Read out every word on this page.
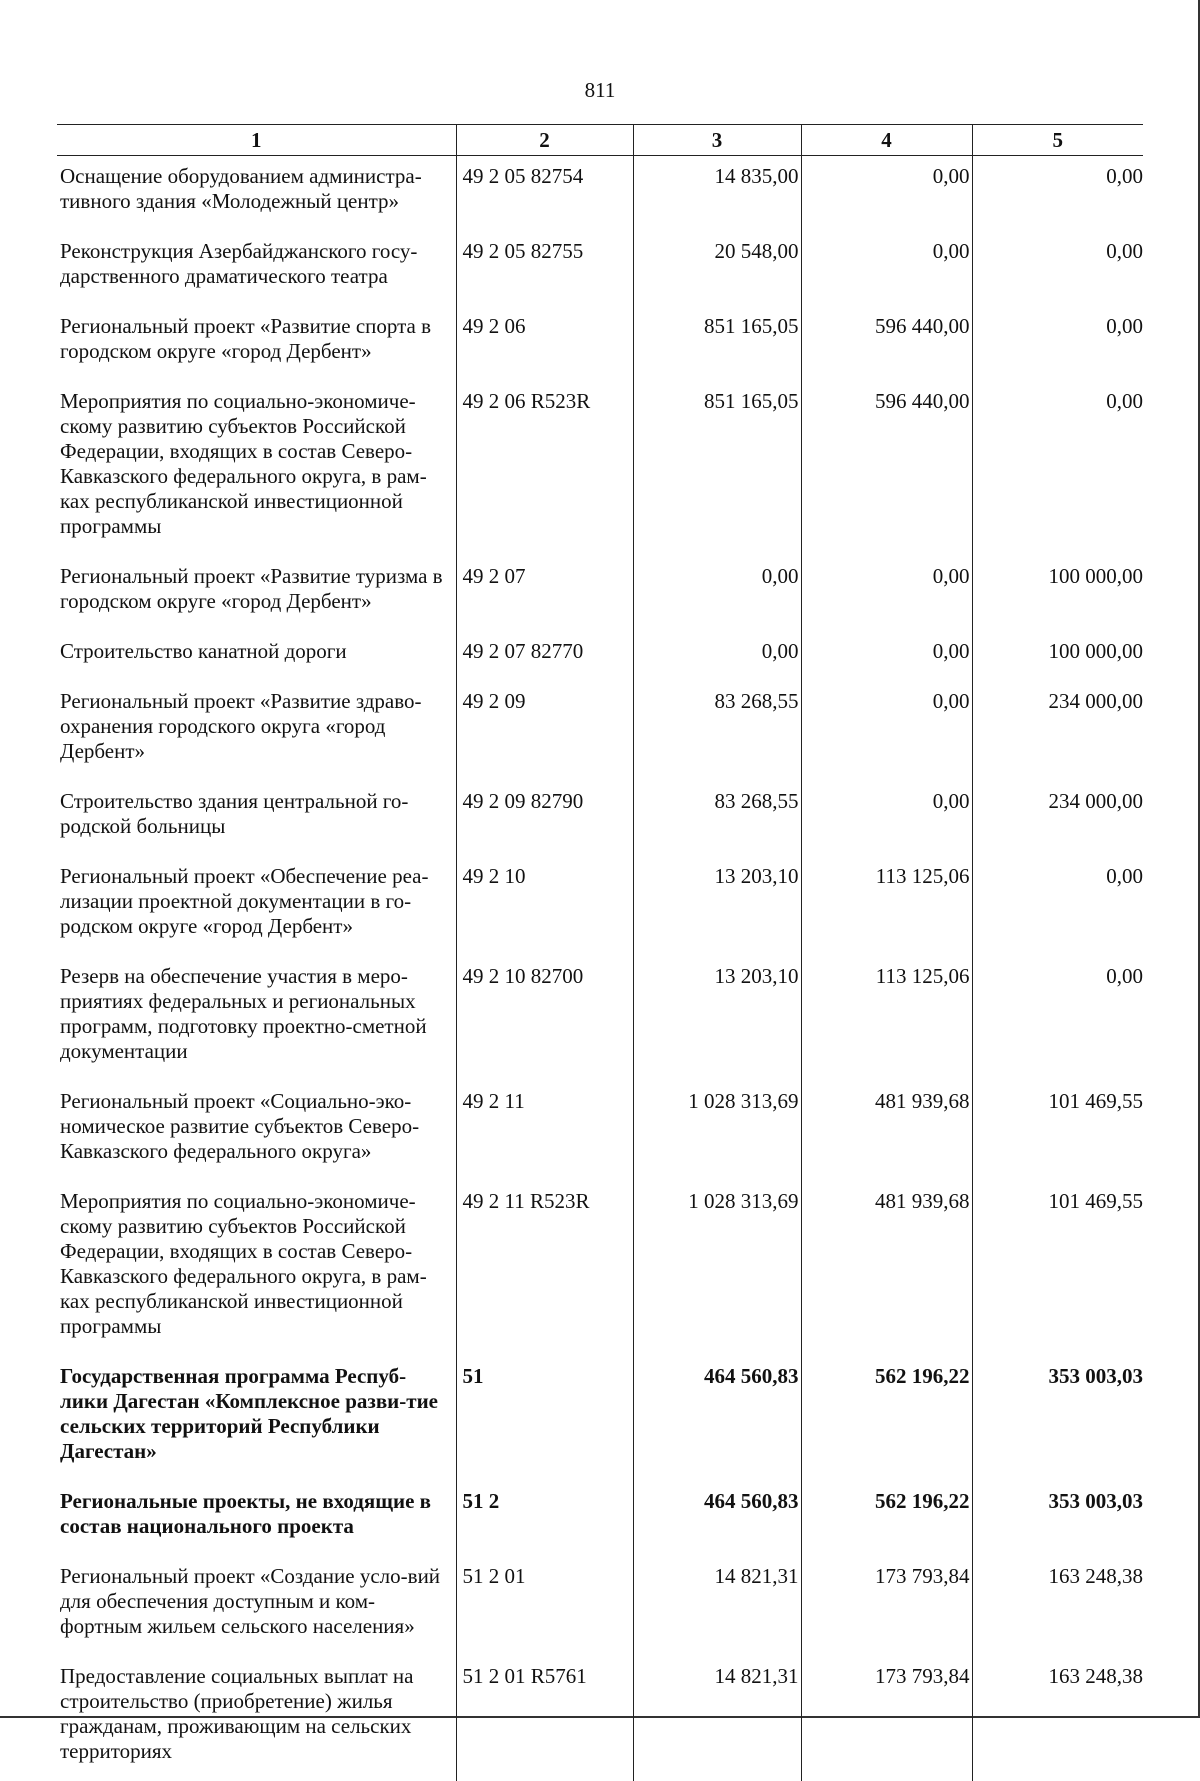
811
1	2	3	4	5
Оснащение оборудованием администра-тивного здания «Молодежный центр»	49 2 05 82754	14 835,00	0,00	0,00
Реконструкция Азербайджанского госу-дарственного драматического театра	49 2 05 82755	20 548,00	0,00	0,00
Региональный проект «Развитие спорта в городском округе «город Дербент»	49 2 06	851 165,05	596 440,00	0,00
Мероприятия по социально-экономиче-скому развитию субъектов Российской Федерации, входящих в состав Северо-Кавказского федерального округа, в рам-ках республиканской инвестиционной программы	49 2 06 R523R	851 165,05	596 440,00	0,00
Региональный проект «Развитие туризма в городском округе «город Дербент»	49 2 07	0,00	0,00	100 000,00
Строительство канатной дороги	49 2 07 82770	0,00	0,00	100 000,00
Региональный проект «Развитие здраво-охранения городского округа «город Дербент»	49 2 09	83 268,55	0,00	234 000,00
Строительство здания центральной го-родской больницы	49 2 09 82790	83 268,55	0,00	234 000,00
Региональный проект «Обеспечение реа-лизации проектной документации в го-родском округе «город Дербент»	49 2 10	13 203,10	113 125,06	0,00
Резерв на обеспечение участия в меро-приятиях федеральных и региональных программ, подготовку проектно-сметной документации	49 2 10 82700	13 203,10	113 125,06	0,00
Региональный проект «Социально-эко-номическое развитие субъектов Северо-Кавказского федерального округа»	49 2 11	1 028 313,69	481 939,68	101 469,55
Мероприятия по социально-экономиче-скому развитию субъектов Российской Федерации, входящих в состав Северо-Кавказского федерального округа, в рам-ках республиканской инвестиционной программы	49 2 11 R523R	1 028 313,69	481 939,68	101 469,55
Государственная программа Респуб-лики Дагестан «Комплексное разви-тие сельских территорий Республики Дагестан»	51	464 560,83	562 196,22	353 003,03
Региональные проекты, не входящие в состав национального проекта	51 2	464 560,83	562 196,22	353 003,03
Региональный проект «Создание усло-вий для обеспечения доступным и ком-фортным жильем сельского населения»	51 2 01	14 821,31	173 793,84	163 248,38
Предоставление социальных выплат на строительство (приобретение) жилья гражданам, проживающим на сельских территориях	51 2 01 R5761	14 821,31	173 793,84	163 248,38
